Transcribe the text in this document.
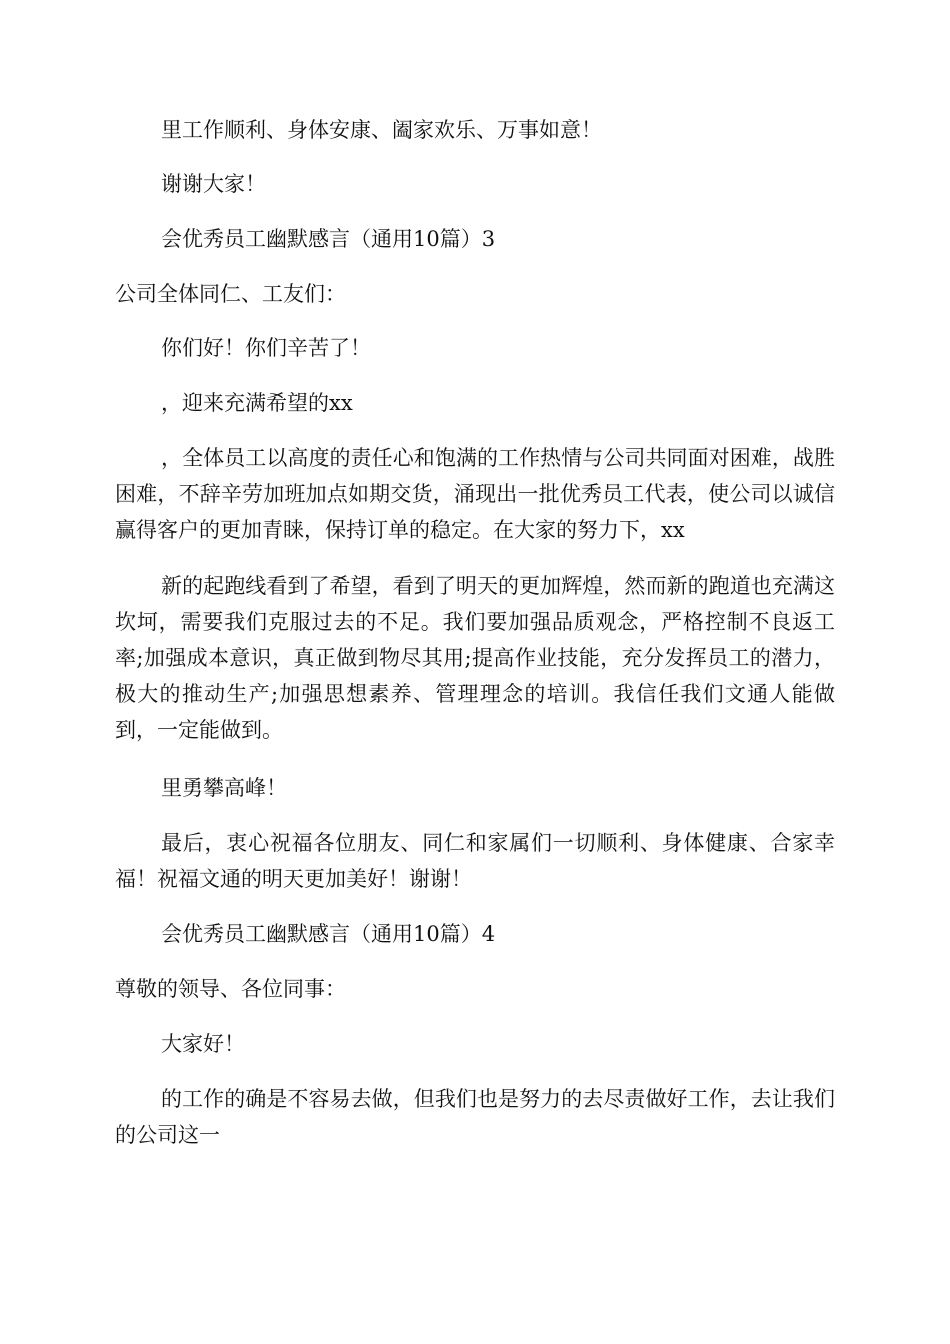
里工作顺利、身体安康、阖家欢乐、万事如意！

谢谢大家！

会优秀员工幽默感言（通用10篇）3

公司全体同仁、工友们：

你们好！你们辛苦了！

，迎来充满希望的xx

，全体员工以高度的责任心和饱满的工作热情与公司共同面对困难，战胜困难，不辞辛劳加班加点如期交货，涌现出一批优秀员工代表，使公司以诚信赢得客户的更加青睐，保持订单的稳定。在大家的努力下，xx

新的起跑线看到了希望，看到了明天的更加辉煌，然而新的跑道也充满这坎坷，需要我们克服过去的不足。我们要加强品质观念，严格控制不良返工率;加强成本意识，真正做到物尽其用;提高作业技能，充分发挥员工的潜力，极大的推动生产;加强思想素养、管理理念的培训。我信任我们文通人能做到，一定能做到。

里勇攀高峰！

最后，衷心祝福各位朋友、同仁和家属们一切顺利、身体健康、合家幸福！祝福文通的明天更加美好！谢谢！

会优秀员工幽默感言（通用10篇）4

尊敬的领导、各位同事：

大家好！

的工作的确是不容易去做，但我们也是努力的去尽责做好工作，去让我们的公司这一
